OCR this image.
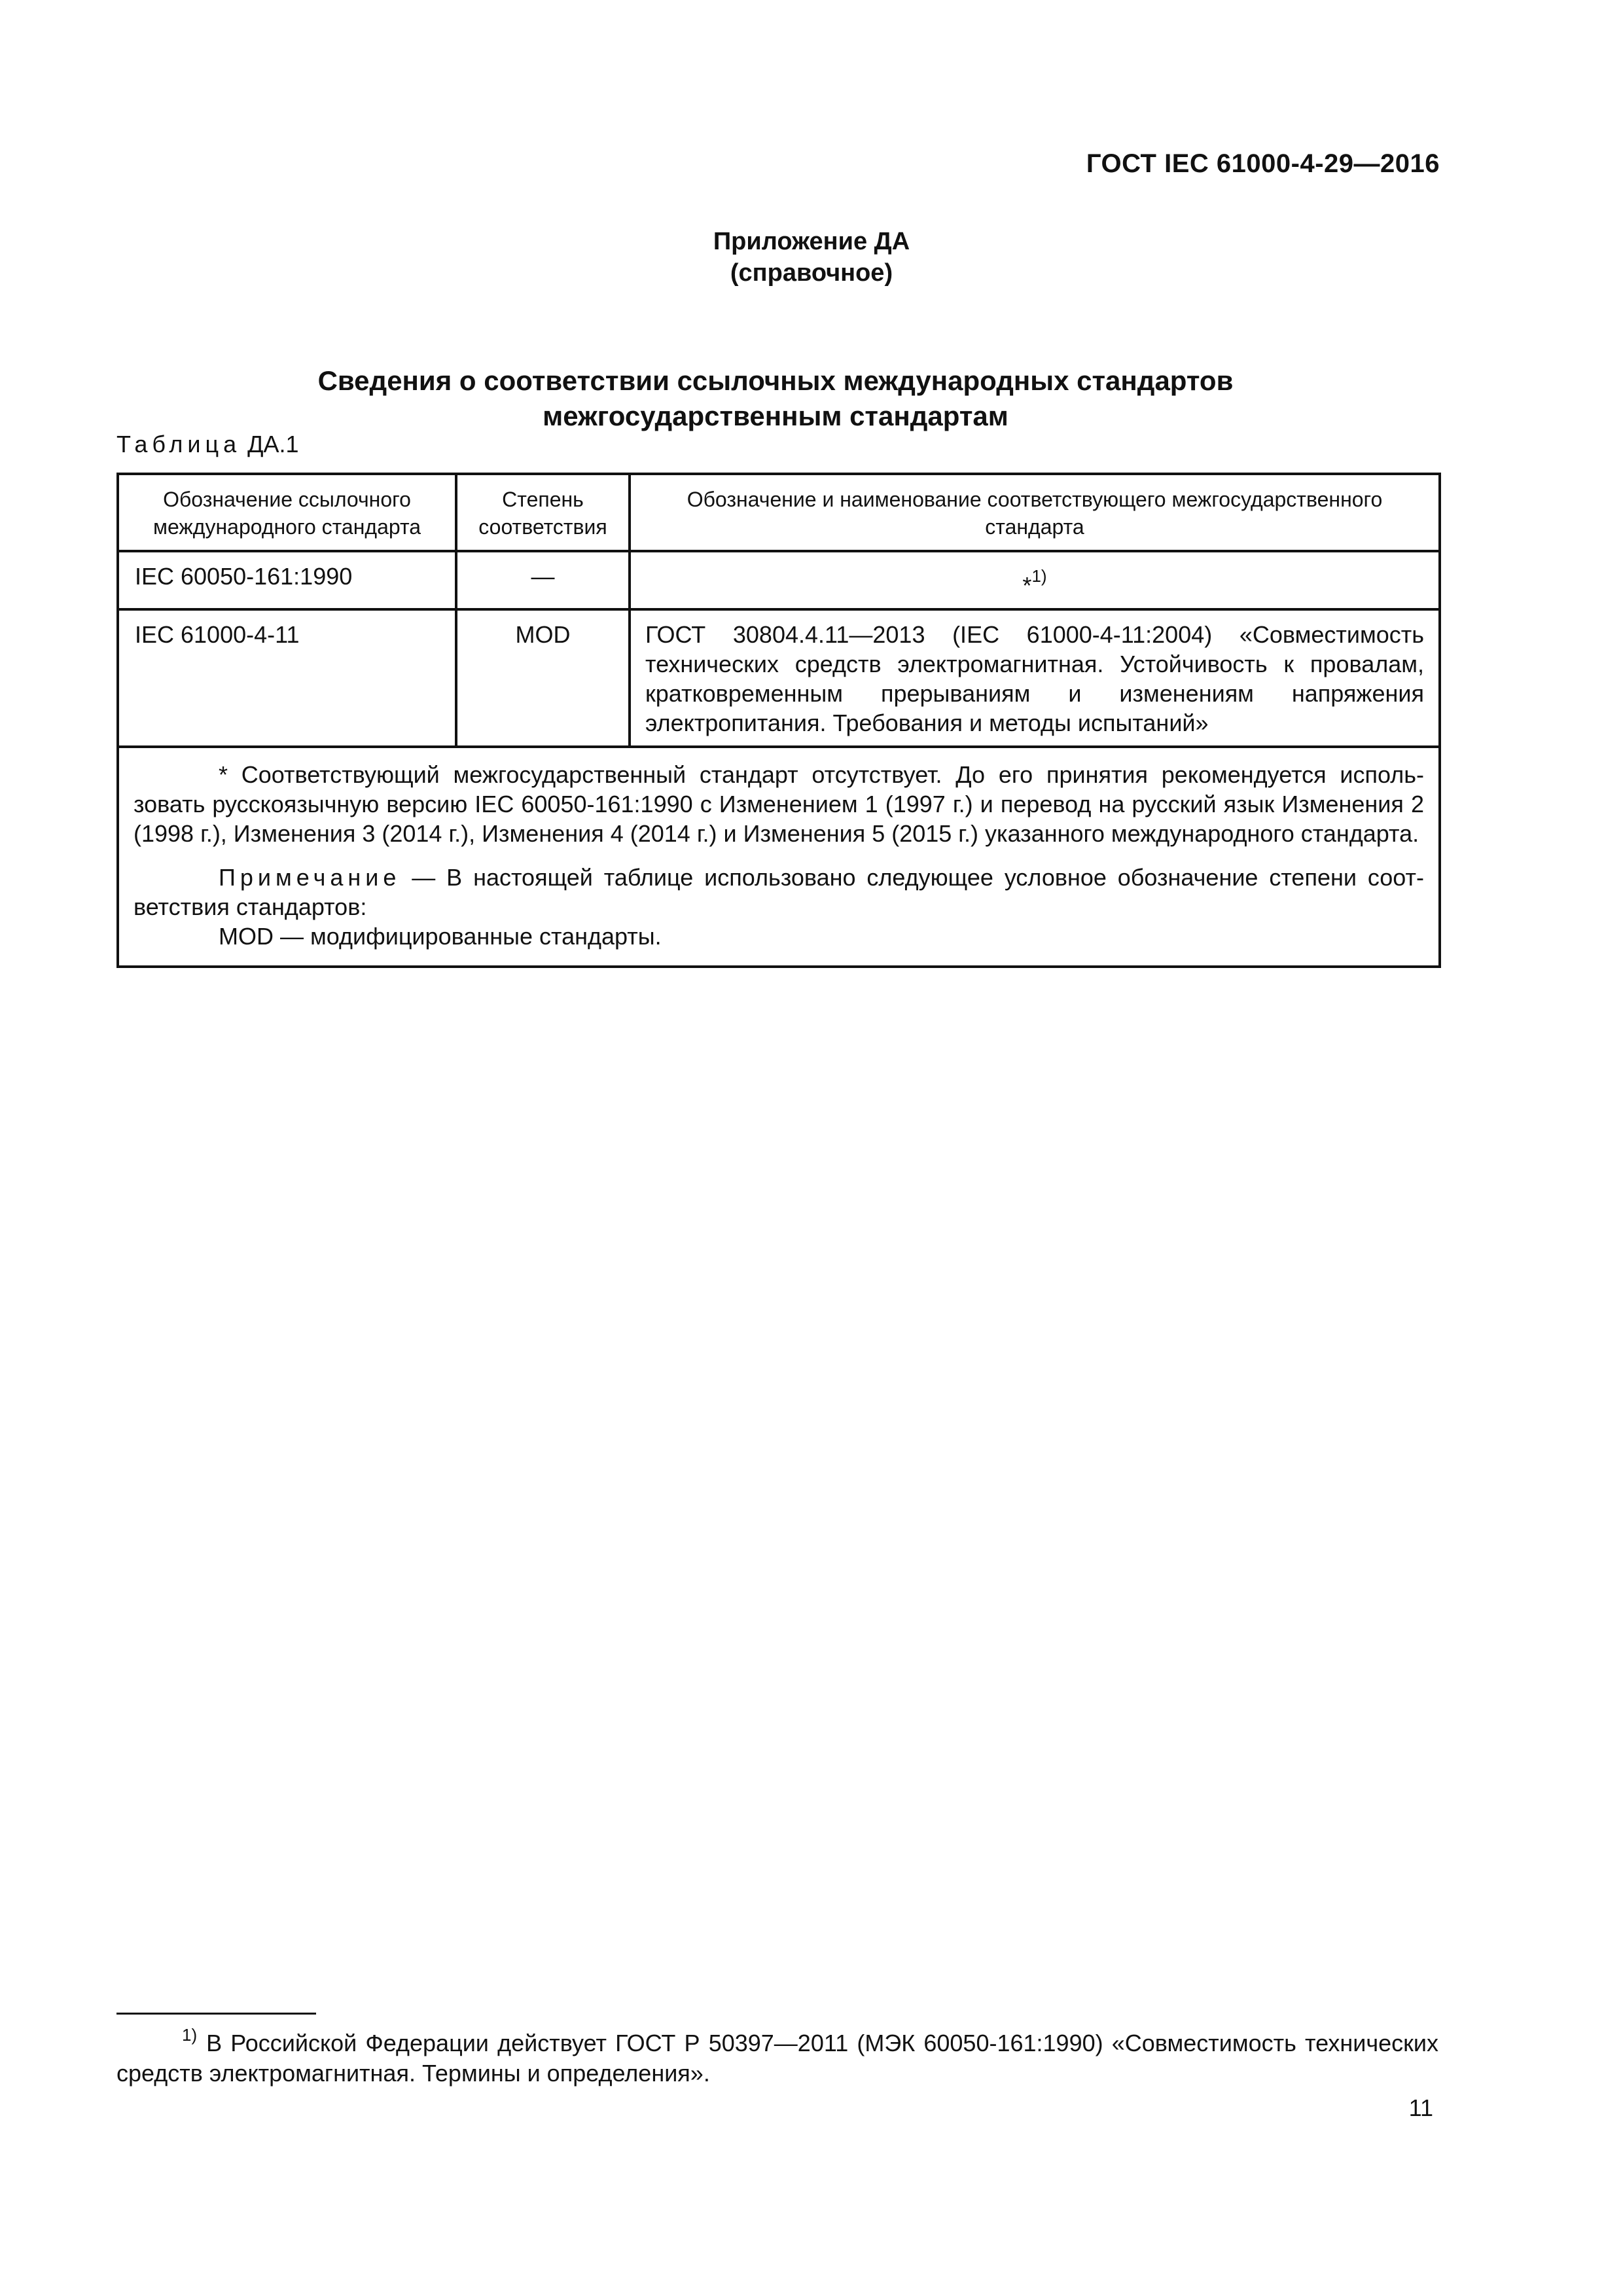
ГОСТ IEC 61000-4-29—2016
Приложение ДА
(справочное)
Сведения о соответствии ссылочных международных стандартов
межгосударственным стандартам
Таблица ДА.1
Обозначение ссылочного международного стандарта	Степень соответствия	Обозначение и наименование соответствующего межгосударственного стандарта
IEC 60050-161:1990	—	*$^{1)}$
IEC 61000-4-11	MOD	ГОСТ 30804.4.11—2013 (IEC 61000-4-11:2004) «Совместимость технических средств электромагнитная. Устойчивость к провалам, кратковременным прерываниям и изменениям напряжения электропитания. Требования и методы испытаний»

* Соответствующий межгосударственный стандарт отсутствует. До его принятия рекомендуется использовать русскоязычную версию IEC 60050-161:1990 с Изменением 1 (1997 г.) и перевод на русский язык Изменения 2 (1998 г.), Изменения 3 (2014 г.), Изменения 4 (2014 г.) и Изменения 5 (2015 г.) указанного международного стандарта.

Примечание — В настоящей таблице использовано следующее условное обозначение степени соответствия стандартов:

MOD — модифицированные стандарты.		
$^{1)}$ В Российской Федерации действует ГОСТ Р 50397—2011 (МЭК 60050-161:1990) «Совместимость технических средств электромагнитная. Термины и определения».
11
